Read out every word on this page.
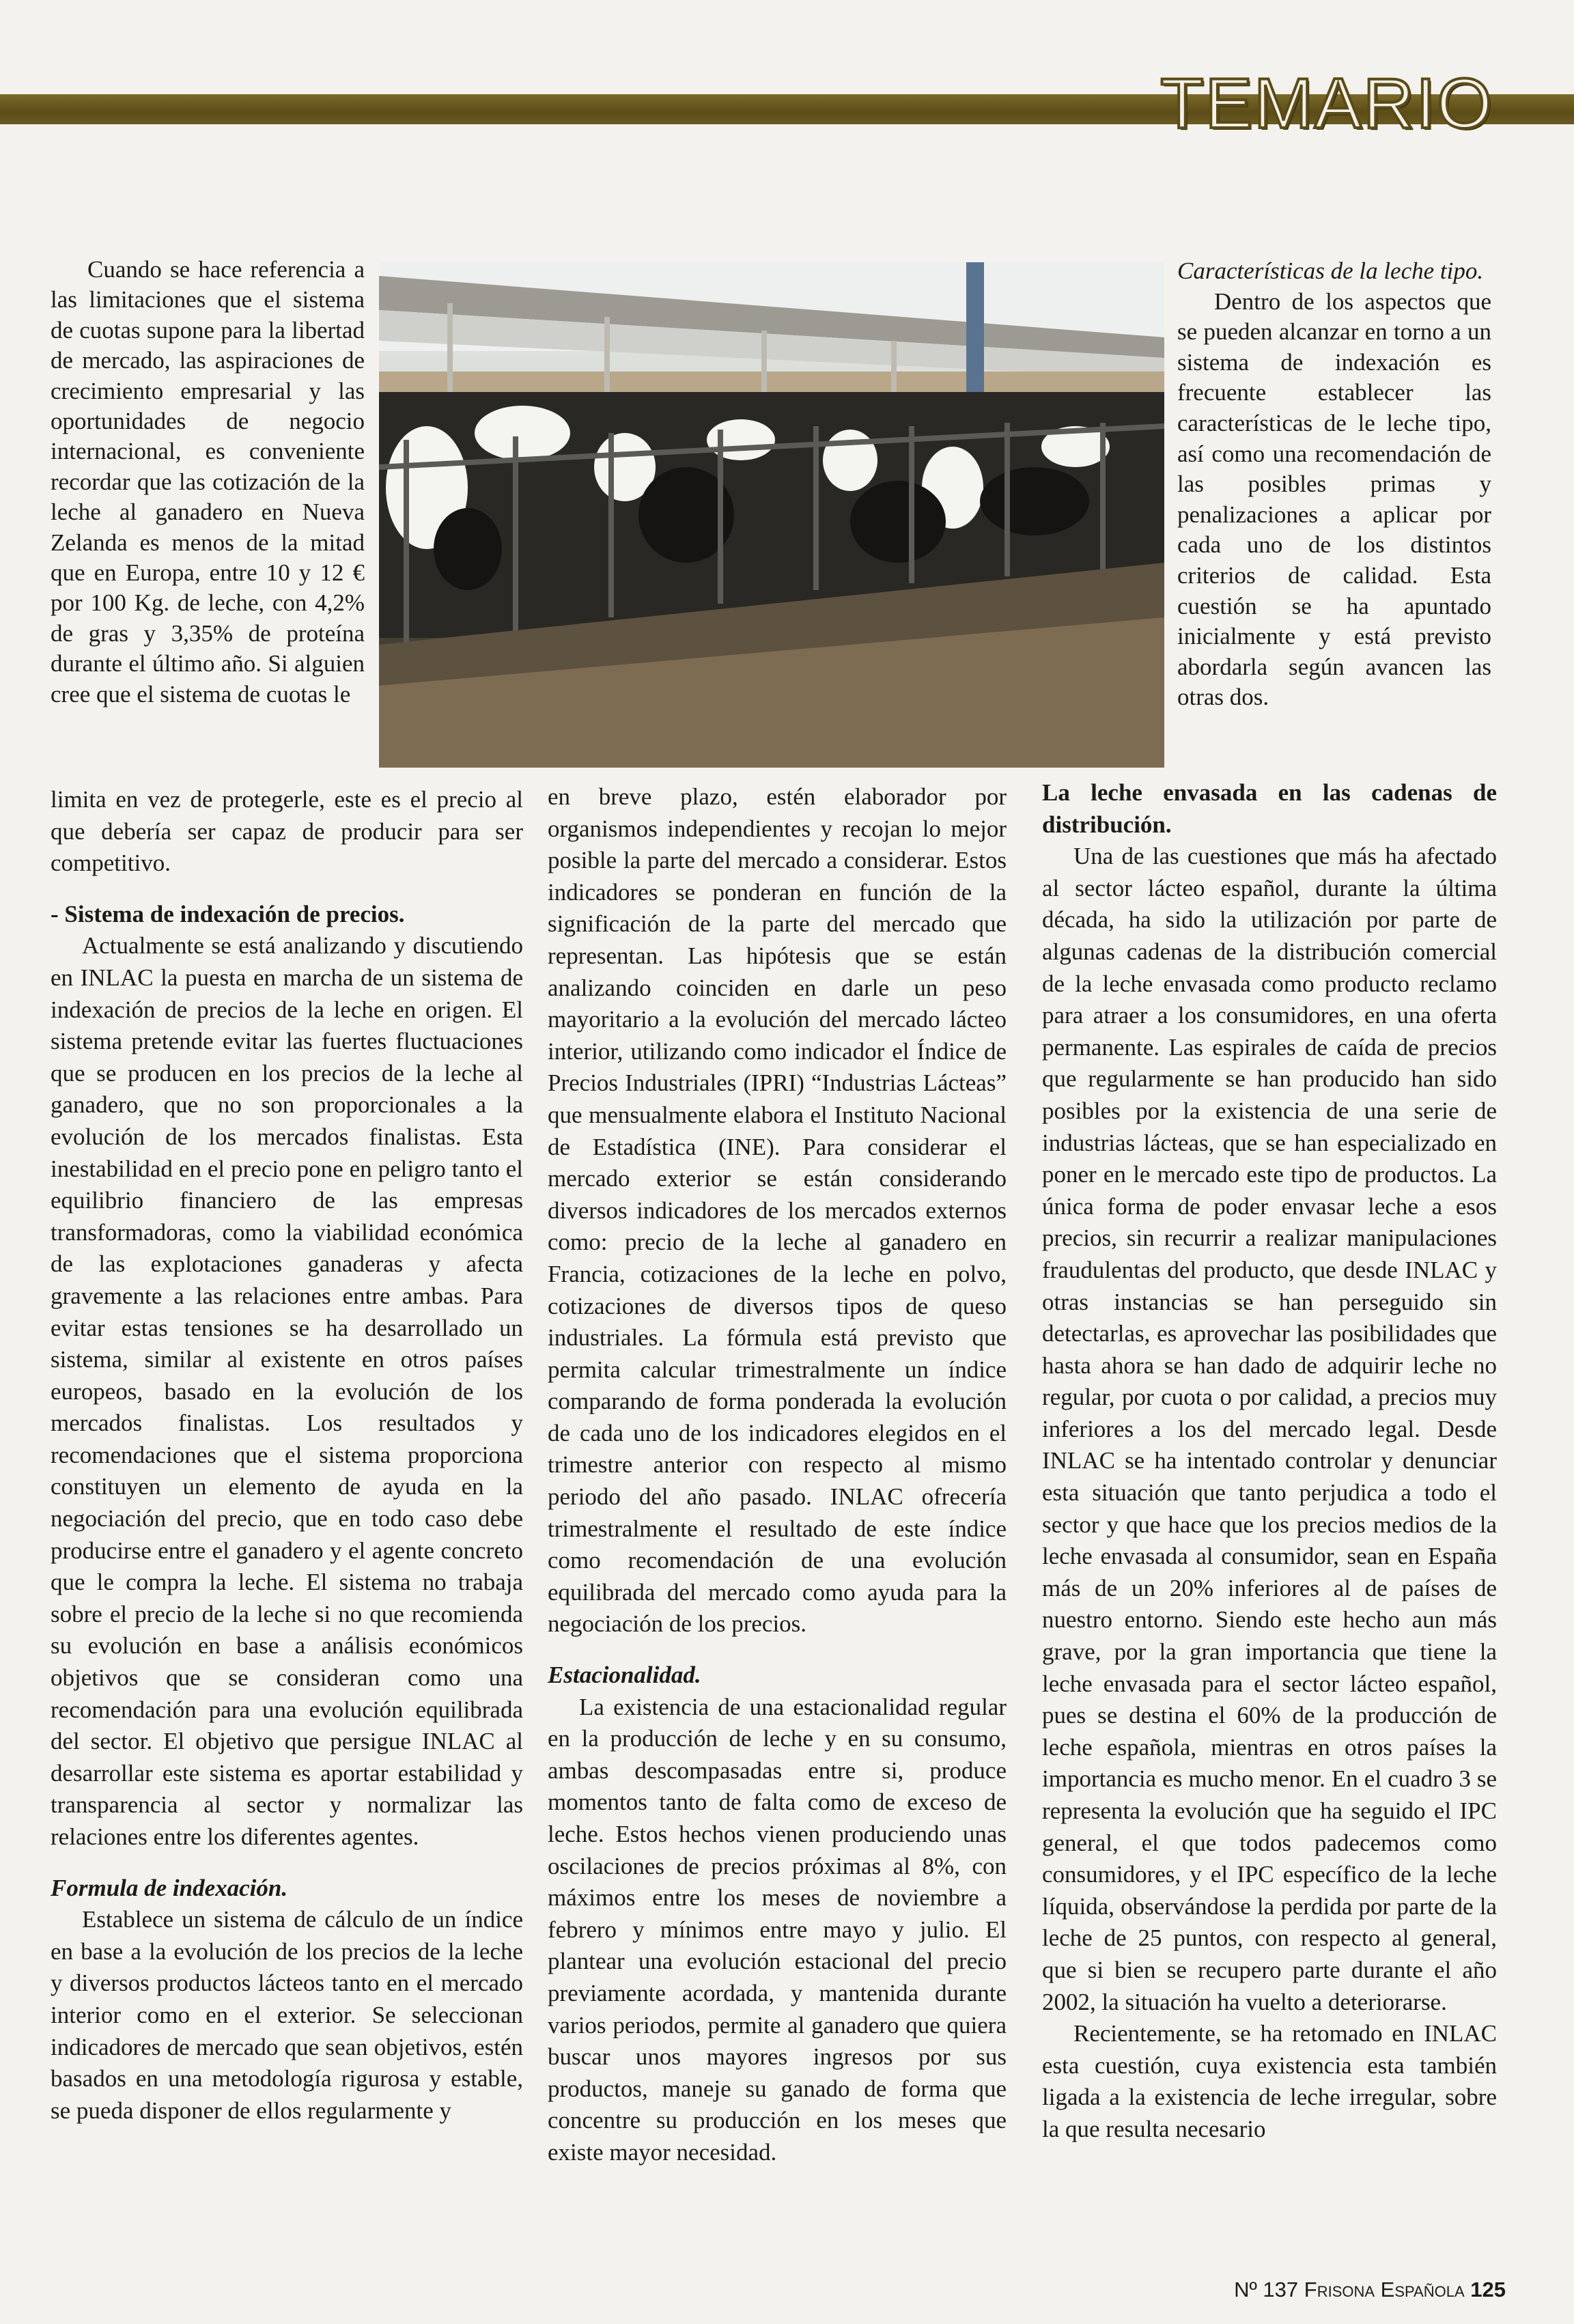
TEMARIO

Cuando se hace referencia a las limitaciones que el sistema de cuotas supone para la libertad de mercado, las aspiraciones de crecimiento empresarial y las oportunidades de negocio internacional, es conveniente recordar que las cotización de la leche al ganadero en Nueva Zelanda es menos de la mitad que en Europa, entre 10 y 12 € por 100 Kg. de leche, con 4,2% de gras y 3,35% de proteína durante el último año. Si alguien cree que el sistema de cuotas le

Características de la leche tipo.

Dentro de los aspectos que se pueden alcanzar en torno a un sistema de indexación es frecuente establecer las características de le leche tipo, así como una recomendación de las posibles primas y penalizaciones a aplicar por cada uno de los distintos criterios de calidad. Esta cuestión se ha apuntado inicialmente y está previsto abordarla según avancen las otras dos.

limita en vez de protegerle, este es el precio al que debería ser capaz de producir para ser competitivo.

- Sistema de indexación de precios.

Actualmente se está analizando y discutiendo en INLAC la puesta en marcha de un sistema de indexación de precios de la leche en origen. El sistema pretende evitar las fuertes fluctuaciones que se producen en los precios de la leche al ganadero, que no son proporcionales a la evolución de los mercados finalistas. Esta inestabilidad en el precio pone en peligro tanto el equilibrio financiero de las empresas transformadoras, como la viabilidad económica de las explotaciones ganaderas y afecta gravemente a las relaciones entre ambas. Para evitar estas tensiones se ha desarrollado un sistema, similar al existente en otros países europeos, basado en la evolución de los mercados finalistas. Los resultados y recomendaciones que el sistema proporciona constituyen un elemento de ayuda en la negociación del precio, que en todo caso debe producirse entre el ganadero y el agente concreto que le compra la leche. El sistema no trabaja sobre el precio de la leche si no que recomienda su evolución en base a análisis económicos objetivos que se consideran como una recomendación para una evolución equilibrada del sector. El objetivo que persigue INLAC al desarrollar este sistema es aportar estabilidad y transparencia al sector y normalizar las relaciones entre los diferentes agentes.

Formula de indexación.

Establece un sistema de cálculo de un índice en base a la evolución de los precios de la leche y diversos productos lácteos tanto en el mercado interior como en el exterior. Se seleccionan indicadores de mercado que sean objetivos, estén basados en una metodología rigurosa y estable, se pueda disponer de ellos regularmente y

en breve plazo, estén elaborador por organismos independientes y recojan lo mejor posible la parte del mercado a considerar. Estos indicadores se ponderan en función de la significación de la parte del mercado que representan. Las hipótesis que se están analizando coinciden en darle un peso mayoritario a la evolución del mercado lácteo interior, utilizando como indicador el Índice de Precios Industriales (IPRI) “Industrias Lácteas” que mensualmente elabora el Instituto Nacional de Estadística (INE). Para considerar el mercado exterior se están considerando diversos indicadores de los mercados externos como: precio de la leche al ganadero en Francia, cotizaciones de la leche en polvo, cotizaciones de diversos tipos de queso industriales. La fórmula está previsto que permita calcular trimestralmente un índice comparando de forma ponderada la evolución de cada uno de los indicadores elegidos en el trimestre anterior con respecto al mismo periodo del año pasado. INLAC ofrecería trimestralmente el resultado de este índice como recomendación de una evolución equilibrada del mercado como ayuda para la negociación de los precios.

Estacionalidad.

La existencia de una estacionalidad regular en la producción de leche y en su consumo, ambas descompasadas entre si, produce momentos tanto de falta como de exceso de leche. Estos hechos vienen produciendo unas oscilaciones de precios próximas al 8%, con máximos entre los meses de noviembre a febrero y mínimos entre mayo y julio. El plantear una evolución estacional del precio previamente acordada, y mantenida durante varios periodos, permite al ganadero que quiera buscar unos mayores ingresos por sus productos, maneje su ganado de forma que concentre su producción en los meses que existe mayor necesidad.

La leche envasada en las cadenas de distribución.

Una de las cuestiones que más ha afectado al sector lácteo español, durante la última década, ha sido la utilización por parte de algunas cadenas de la distribución comercial de la leche envasada como producto reclamo para atraer a los consumidores, en una oferta permanente. Las espirales de caída de precios que regularmente se han producido han sido posibles por la existencia de una serie de industrias lácteas, que se han especializado en poner en le mercado este tipo de productos. La única forma de poder envasar leche a esos precios, sin recurrir a realizar manipulaciones fraudulentas del producto, que desde INLAC y otras instancias se han perseguido sin detectarlas, es aprovechar las posibilidades que hasta ahora se han dado de adquirir leche no regular, por cuota o por calidad, a precios muy inferiores a los del mercado legal. Desde INLAC se ha intentado controlar y denunciar esta situación que tanto perjudica a todo el sector y que hace que los precios medios de la leche envasada al consumidor, sean en España más de un 20% inferiores al de países de nuestro entorno. Siendo este hecho aun más grave, por la gran importancia que tiene la leche envasada para el sector lácteo español, pues se destina el 60% de la producción de leche española, mientras en otros países la importancia es mucho menor. En el cuadro 3 se representa la evolución que ha seguido el IPC general, el que todos padecemos como consumidores, y el IPC específico de la leche líquida, observándose la perdida por parte de la leche de 25 puntos, con respecto al general, que si bien se recupero parte durante el año 2002, la situación ha vuelto a deteriorarse.

Recientemente, se ha retomado en INLAC esta cuestión, cuya existencia esta también ligada a la existencia de leche irregular, sobre la que resulta necesario

Nº 137 Frisona Española 125
